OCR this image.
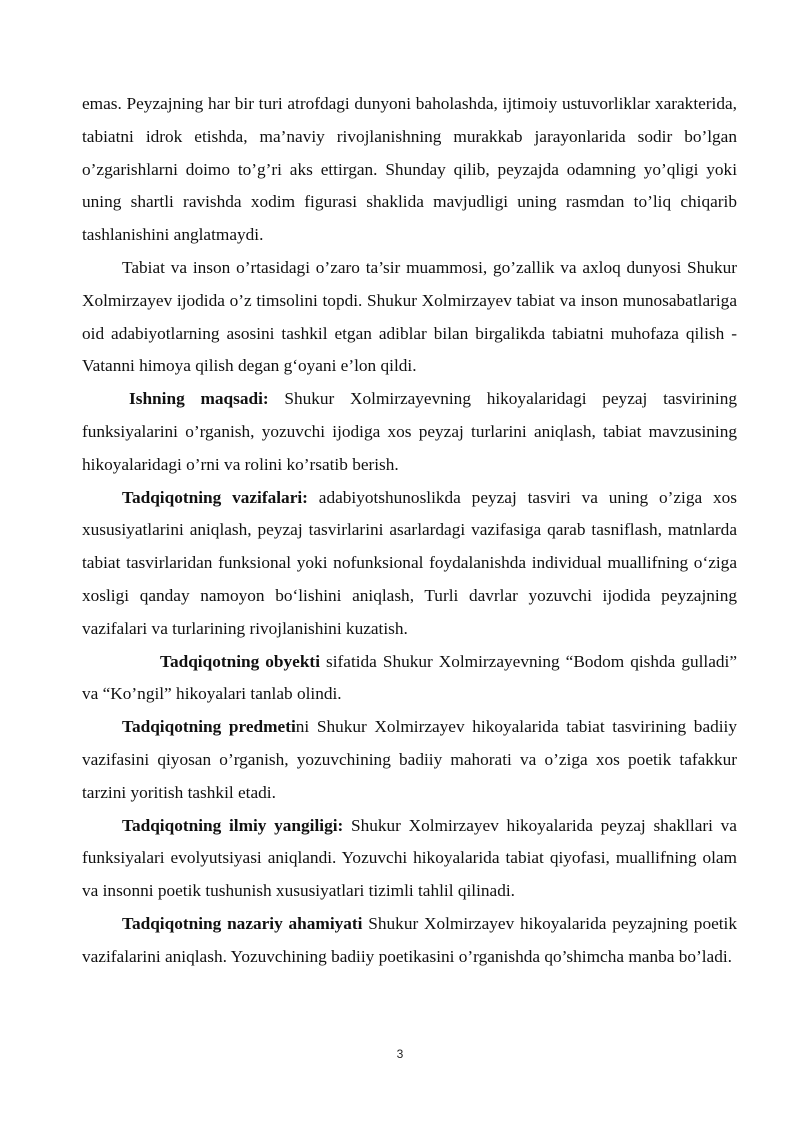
emas. Peyzajning har bir turi atrofdagi dunyoni baholashda, ijtimoiy ustuvorliklar xarakterida, tabiatni idrok etishda, ma’naviy rivojlanishning murakkab jarayonlarida sodir bo’lgan o’zgarishlarni doimo to’g’ri aks ettirgan. Shunday qilib, peyzajda odamning yo’qligi yoki uning shartli ravishda xodim figurasi shaklida mavjudligi uning rasmdan to’liq chiqarib tashlanishini anglatmaydi.

Tabiat va inson o’rtasidagi o’zaro ta’sir muammosi, go’zallik va axloq dunyosi Shukur Xolmirzayev ijodida o’z timsolini topdi. Shukur Xolmirzayev tabiat va inson munosabatlariga oid adabiyotlarning asosini tashkil etgan adiblar bilan birgalikda tabiatni muhofaza qilish - Vatanni himoya qilish degan g‘oyani e’lon qildi.

Ishning maqsadi: Shukur Xolmirzayevning hikoyalaridagi peyzaj tasvirining funksiyalarini o’rganish, yozuvchi ijodiga xos peyzaj turlarini aniqlash, tabiat mavzusining hikoyalaridagi o’rni va rolini ko’rsatib berish.

Tadqiqotning vazifalari: adabiyotshunoslikda peyzaj tasviri va uning o’ziga xos xususiyatlarini aniqlash, peyzaj tasvirlarini asarlardagi vazifasiga qarab tasniflash, matnlarda tabiat tasvirlaridan funksional yoki nofunksional foydalanishda individual muallifning o‘ziga xosligi qanday namoyon bo‘lishini aniqlash, Turli davrlar yozuvchi ijodida peyzajning vazifalari va turlarining rivojlanishini kuzatish.

Tadqiqotning obyekti sifatida Shukur Xolmirzayevning “Bodom qishda gulladi” va “Ko’ngil” hikoyalari tanlab olindi.

Tadqiqotning predmetini Shukur Xolmirzayev hikoyalarida tabiat tasvirining badiiy vazifasini qiyosan o’rganish, yozuvchining badiiy mahorati va o’ziga xos poetik tafakkur tarzini yoritish tashkil etadi.

Tadqiqotning ilmiy yangiligi: Shukur Xolmirzayev hikoyalarida peyzaj shakllari va funksiyalari evolyutsiyasi aniqlandi. Yozuvchi hikoyalarida tabiat qiyofasi, muallifning olam va insonni poetik tushunish xususiyatlari tizimli tahlil qilinadi.

Tadqiqotning nazariy ahamiyati Shukur Xolmirzayev hikoyalarida peyzajning poetik vazifalarini aniqlash. Yozuvchining badiiy poetikasini o’rganishda qo’shimcha manba bo’ladi.

3
